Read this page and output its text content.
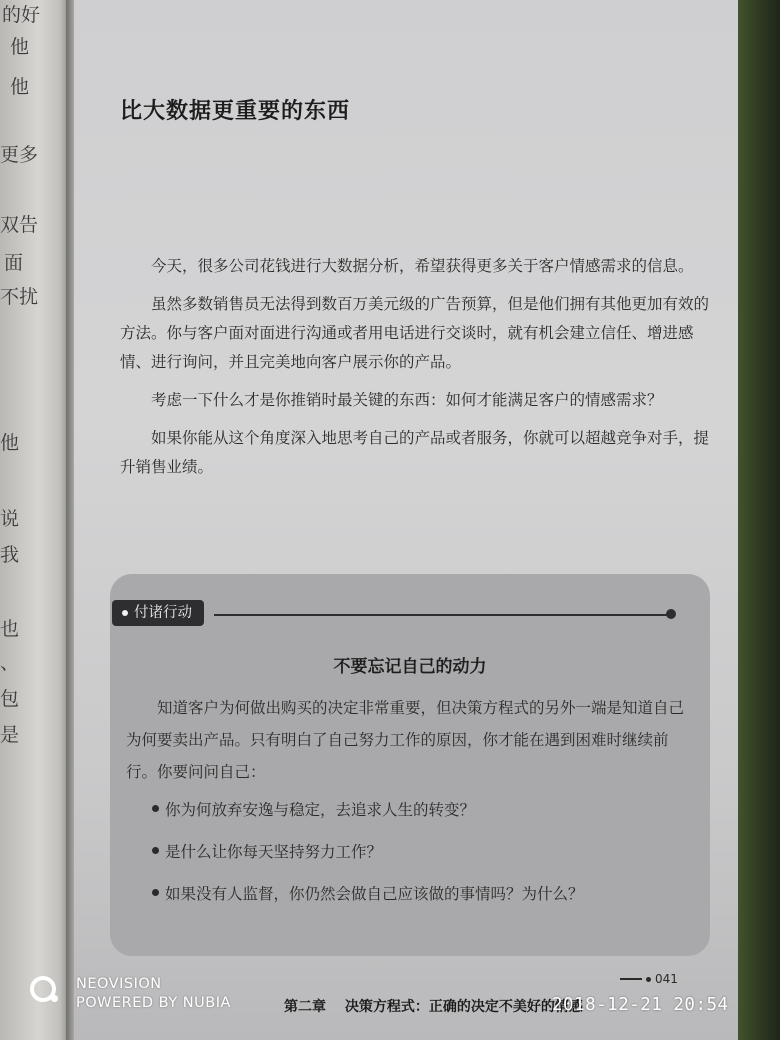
的好
他
他
更多
双告
面
不扰
他
说
我
也
、
包
是
比大数据更重要的东西

今天，很多公司花钱进行大数据分析，希望获得更多关于客户情感需求的信息。

虽然多数销售员无法得到数百万美元级的广告预算，但是他们拥有其他更加有效的方法。你与客户面对面进行沟通或者用电话进行交谈时，就有机会建立信任、增进感情、进行询问，并且完美地向客户展示你的产品。

考虑一下什么才是你推销时最关键的东西：如何才能满足客户的情感需求？

如果你能从这个角度深入地思考自己的产品或者服务，你就可以超越竞争对手，提升销售业绩。

付诸行动
不要忘记自己的动力
知道客户为何做出购买的决定非常重要，但决策方程式的另外一端是知道自己为何要卖出产品。只有明白了自己努力工作的原因，你才能在遇到困难时继续前行。你要问问自己：
你为何放弃安逸与稳定，去追求人生的转变？
是什么让你每天坚持努力工作？
如果没有人监督，你仍然会做自己应该做的事情吗？为什么？
041
第二章 决策方程式：正确的决定不美好的情感
NEOVISION
POWERED BY NUBIA	2018-12-21 20:54
